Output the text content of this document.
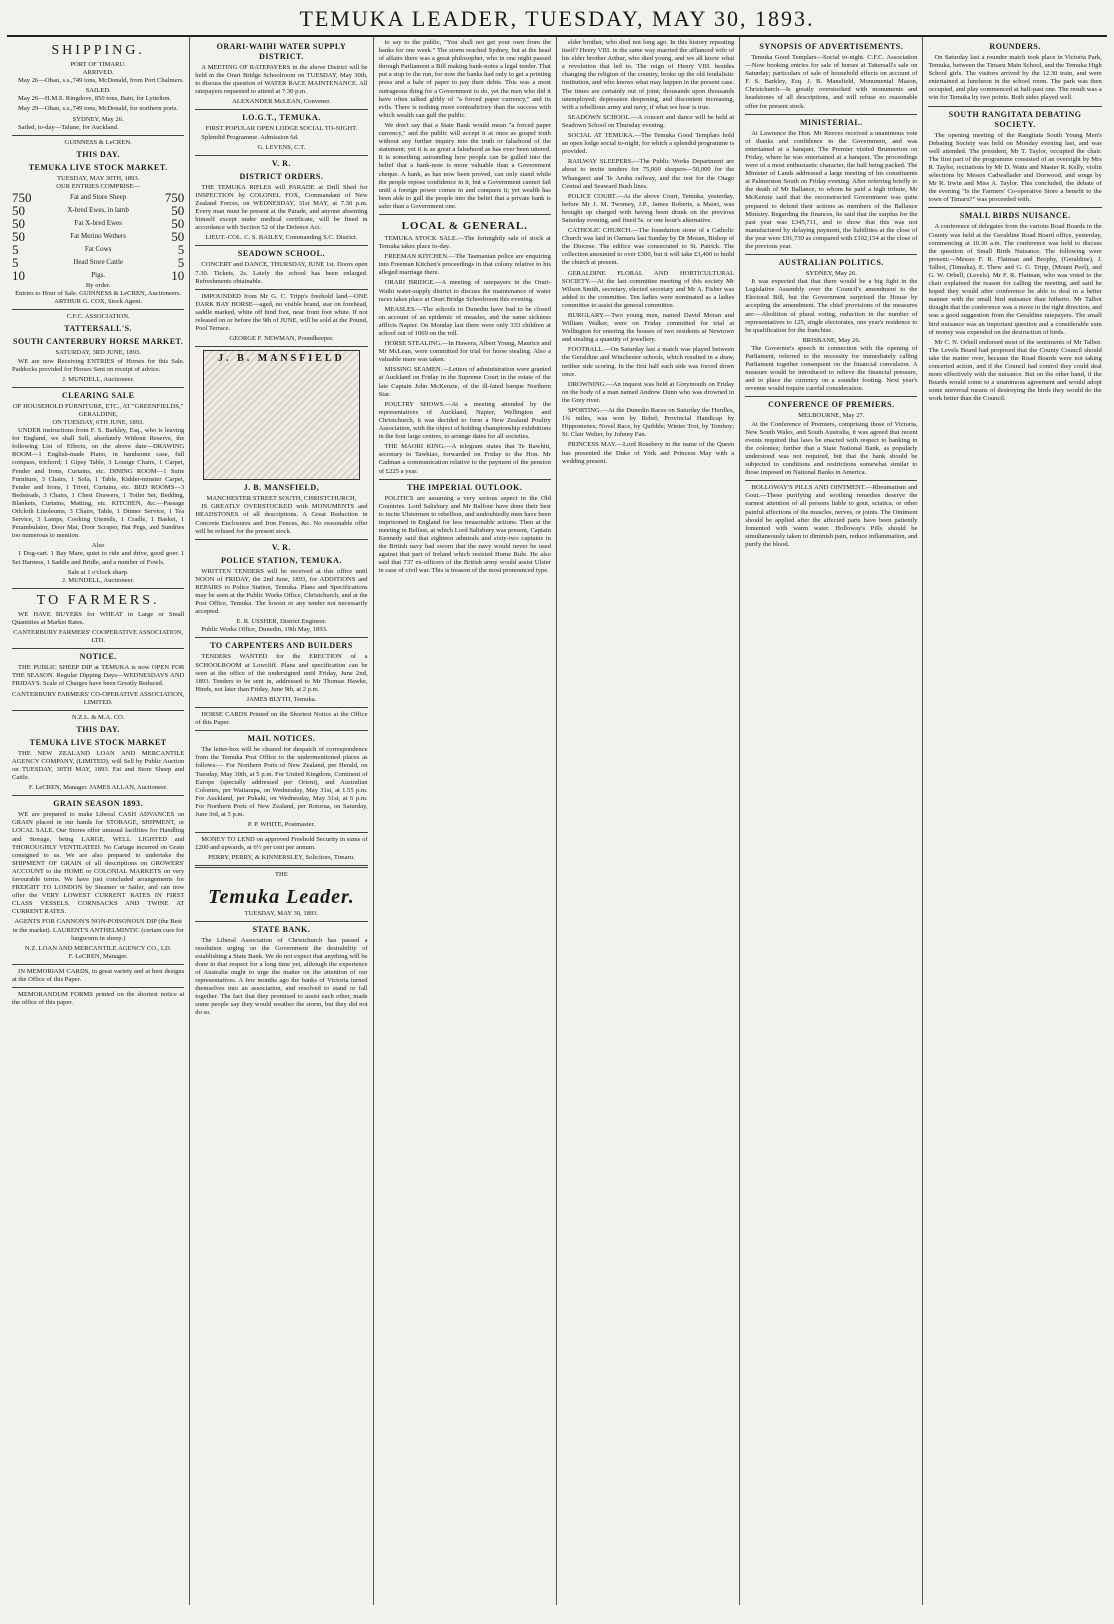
TEMUKA LEADER, TUESDAY, MAY 30, 1893.
SHIPPING.
PORT OF TIMARU.
ARRIVED.

May 26—Ohau, s.s.,749 tons, McDonald, from Port Chalmers.

SAILED.

May 26—H.M.S. Ringdove, 850 tons, Bain, for Lyttelton.

May 29—Ohau, s.s.,749 tons, McDonald, for northern ports.

SYDNEY, May 26.

Sailed, to-day—Talune, for Auckland.

GUINNESS & LeCREN.
THIS DAY.
TEMUKA LIVE STOCK MARKET.
TUESDAY, MAY 30TH, 1893.
OUR ENTRIES COMPRISE—
750	Fat and Store Sheep	750
50	X-bred Ewes, in lamb	50
50	Fat X-bred Ewes	50
50	Fat Merino Wethers	50
5	Fat Cows	5
5	Head Store Cattle	5
10	Pigs.	10
By order.

Entries to Hour of Sale. GUINNESS & LeCREN, Auctioneers. ARTHUR G. COX, Stock Agent.

C.F.C. ASSOCIATION.
TATTERSALL'S.
SOUTH CANTERBURY HORSE MARKET.
SATURDAY, 3RD JUNE, 1893.

WE are now Receiving ENTRIES of Horses for this Sale. Paddocks provided for Horses Sent on receipt of advice.

J. MUNDELL, Auctioneer.
CLEARING SALE
OF HOUSEHOLD FURNITURE, ETC., AT "GREENFIELDS," GERALDINE,
ON TUESDAY, 6TH JUNE, 1893.

UNDER instructions from F. S. Barkley, Esq., who is leaving for England, we shall Sell, absolutely Without Reserve, the following List of Effects, on the above date—DRAWING ROOM—1 English-made Piano, in handsome case, full compass, trichord; 1 Gipsy Table, 3 Lounge Chairs, 1 Carpet, Fender and Irons, Curtains, etc. DINING ROOM—1 Suite Furniture, 3 Chairs, 1 Sofa, 1 Table, Kidder-minster Carpet, Fender and Irons, 1 Trivet, Curtains, etc. BED ROOMS—3 Bedsteads, 3 Chairs, 1 Chest Drawers, 1 Toilet Set, Bedding, Blankets, Curtains, Matting, etc. KITCHEN, &c.—Passage Oilcloth Linoleums, 3 Chairs, Table, 1 Dinner Service, 1 Tea Service, 3 Lamps, Cooking Utensils, 1 Cradle, 1 Basket, 1 Perambulator, Door Mat, Door Scraper, Hat Pegs, and Sundries too numerous to mention.

Also

1 Dog-cart. 1 Bay Mare, quiet to ride and drive, good goer. 1 Set Harness, 1 Saddle and Bridle, and a number of Fowls.

Sale at 1 o'clock sharp.
J. MUNDELL, Auctioneer.
TO FARMERS.

WE HAVE BUYERS for WHEAT in Large or Small Quantities at Market Rates.

CANTERBURY FARMERS' COOPERATIVE ASSOCIATION, LTD.
NOTICE.

THE PUBLIC SHEEP DIP at TEMUKA is now OPEN FOR THE SEASON. Regular Dipping Days—WEDNESDAYS AND FRIDAYS. Scale of Charges have been Greatly Reduced.

CANTERBURY FARMERS' CO-OPERATIVE ASSOCIATION, LIMITED.
N.Z.L. & M.A. CO.
THIS DAY.
TEMUKA LIVE STOCK MARKET

THE NEW ZEALAND LOAN AND MERCANTILE AGENCY COMPANY, (LIMITED), will Sell by Public Auction on TUESDAY, 30TH MAY, 1893. Fat and Store Sheep and Cattle.

F. LeCREN, Manager. JAMES ALLAN, Auctioneer.
GRAIN SEASON 1893.

WE are prepared to make Liberal CASH ADVANCES on GRAIN placed in our hands for STORAGE, SHIPMENT, or LOCAL SALE. Our Stores offer unusual facilities for Handling and Storage, being LARGE, WELL LIGHTED and THOROUGHLY VENTILATED. No Cartage incurred on Grain consigned to us. We are also prepared to undertake the SHIPMENT OF GRAIN of all descriptions on GROWERS' ACCOUNT to the HOME or COLONIAL MARKETS on very favourable terms. We have just concluded arrangements for FREIGHT TO LONDON by Steamer or Sailer, and can now offer the VERY LOWEST CURRENT RATES IN FIRST CLASS VESSELS. CORNSACKS AND TWINE AT CURRENT RATES.

AGENTS FOR CANNON'S NON-POISONOUS DIP (the Best in the market). LAURENT'S ANTHELMINTIC (certain cure for lungworm in sheep.)

N.Z. LOAN AND MERCANTILE AGENCY CO., LD.
F. LeCREN, Manager.

IN MEMORIAM CARDS, in great variety and at best designs at the Office of this Paper.

MEMORANDUM FORMS printed on the shortest notice at the office of this paper.

ORARI-WAIHI WATER SUPPLY DISTRICT.

A MEETING OF RATEPAYERS in the above District will be held in the Orari Bridge Schoolroom on TUESDAY, May 30th, to discuss the question of WATER RACE MAINTENANCE. All ratepayers requested to attend at 7.30 p.m.

ALEXANDER McLEAN, Convener.
I.O.G.T., TEMUKA.
FIRST POPULAR OPEN LODGE SOCIAL TO-NIGHT.

Splendid Programme. Admission 6d.

G. LEVENS, C.T.
V. R.
DISTRICT ORDERS.

THE TEMUKA RIFLES will PARADE at Drill Shed for INSPECTION by COLONEL FOX, Commandant of New Zealand Forces, on WEDNESDAY, 31st MAY, at 7.30 p.m. Every man must be present at the Parade, and anyone absenting himself except under medical certificate, will be fined in accordance with Section 52 of the Defence Act.

LIEUT.-COL. C. S. BAILEY, Commanding S.C. District.
SEADOWN SCHOOL.

CONCERT and DANCE, THURSDAY, JUNE 1st. Doors open 7.30. Tickets, 2s. Lately the school has been enlarged. Refreshments obtainable.

IMPOUNDED from Mr G. C. Tripp's freehold land—ONE DARK BAY HORSE—aged, no visible brand, star on forehead, saddle marked, white off hind foot, near front foot white. If not released on or before the 9th of JUNE, will be sold at the Pound, Pool Terrace.

GEORGE F. NEWMAN, Poundkeeper.
J. B. MANSFIELD
J. B. MANSFIELD,
MANCHESTER STREET SOUTH, CHRISTCHURCH,

IS GREATLY OVERSTOCKED with MONUMENTS and HEADSTONES of all descriptions. A Great Reduction in Concrete Enclosures and Iron Fences, &c. No reasonable offer will be refused for the present stock.

V. R.
POLICE STATION, TEMUKA.

WRITTEN TENDERS will be received at this office until NOON of FRIDAY, the 2nd June, 1893, for ADDITIONS and REPAIRS to Police Station, Temuka. Plans and Specifications may be seen at the Public Works Office, Christchurch, and at the Post Office, Temuka. The lowest or any tender not necessarily accepted.

E. R. USSHER, District Engineer.

Public Works Office, Dunedin, 19th May, 1893.

TO CARPENTERS AND BUILDERS

TENDERS WANTED for the ERECTION of a SCHOOLROOM at Lowcliff. Plans and specification can be seen at the office of the undersigned until Friday, June 2nd, 1893. Tenders to be sent in, addressed to Mr Thomas Hawke, Hinds, not later than Friday, June 9th, at 2 p.m.

JAMES BLYTH, Temuka.

HORSE CARDS Printed on the Shortest Notice at the Office of this Paper.

MAIL NOTICES.

The letter-box will be cleared for despatch of correspondence from the Temuka Post Office to the undermentioned places as follows:— For Northern Ports of New Zealand, per Herald, on Tuesday, May 30th, at 5 p.m. For United Kingdom, Continent of Europe (specially addressed per Orient), and Australian Colonies, per Waitarapa, on Wednesday, May 31st, at 1.55 p.m. For Auckland, per Pukaki, on Wednesday, May 31st, at 6 p.m. For Northern Ports of New Zealand, per Rotorua, on Saturday, June 3rd, at 5 p.m.

P. P. WHITE, Postmaster.

MONEY TO LEND on approved Freehold Security in sums of £200 and upwards, at 6½ per cent per annum.

PERRY, PERRY, & KINNERSLEY, Solicitors, Timaru.
THE
Temuka Leader.
TUESDAY, MAY 30, 1893.
STATE BANK.

The Liberal Association of Christchurch has passed a resolution urging on the Government the desirability of establishing a State Bank. We do not expect that anything will be done in that respect for a long time yet, although the experience of Australia ought to urge the matter on the attention of our representatives. A few months ago the banks of Victoria turned themselves into an association, and resolved to stand or fall together. The fact that they promised to assist each other, made some people say they would weather the storm, but they did not do so.

to say to the public, "You shall not get your own from the banks for one week." The storm reached Sydney, but at the head of affairs there was a great philosopher, who in one night passed through Parliament a Bill making bank-notes a legal tender. That put a stop to the run, for now the banks had only to get a printing press and a bale of paper to pay their debts. This was a most outrageous thing for a Government to do, yet the men who did it have often talked glibly of "a forced paper currency," and its evils. There is nothing more contradictory than the success with which wealth can gull the public.

We don't say that a State Bank would mean "a forced paper currency," and the public will accept it at once as gospel truth without any further inquiry into the truth or falsehood of the statement; yet it is as great a falsehood as has ever been uttered. It is something astounding how people can be gulled into the belief that a bank-note is more valuable than a Government cheque. A bank, as has now been proved, can only stand while the people repose confidence in it, but a Government cannot fail until a foreign power comes in and conquers it; yet wealth has been able to gull the people into the belief that a private bank is safer than a Government one.

LOCAL & GENERAL.

TEMUKA STOCK SALE.—The fortnightly sale of stock at Temuka takes place to-day.

FREEMAN KITCHEN.—The Tasmanian police are enquiring into Freeman Kitchen's proceedings in that colony relative to his alleged marriage there.

ORARI BRIDGE.—A meeting of ratepayers in the Orari-Waihi water-supply district to discuss the maintenance of water races takes place at Orari Bridge Schoolroom this evening.

MEASLES.—The schools in Dunedin have had to be closed on account of an epidemic of measles, and the same sickness afflicts Napier. On Monday last there were only 333 children at school out of 1069 on the roll.

HORSE STEALING.—In Hawera, Albert Young, Maurice and Mr McLean, were committed for trial for horse stealing. Also a valuable mare was taken.

MISSING SEAMEN.—Letters of administration were granted at Auckland on Friday in the Supreme Court in the estate of the late Captain John McKenzie, of the ill-fated barque Northern Star.

POULTRY SHOWS.—At a meeting attended by the representatives of Auckland, Napier, Wellington and Christchurch, it was decided to form a New Zealand Poultry Association, with the object of holding championship exhibitions in the four large centres, to arrange dates for all societies.

THE MAORI KING.—A telegram states that Te Rawhiti, secretary to Tawhiao, forwarded on Friday to the Hon. Mr Cadman a communication relative to the payment of the pension of £225 a year.

THE IMPERIAL OUTLOOK.

POLITICS are assuming a very serious aspect in the Old Countries. Lord Salisbury and Mr Balfour have done their best to incite Ulstermen to rebellion, and undoubtedly men have been imprisoned in England for less treasonable actions. Then at the meeting in Belfast, at which Lord Salisbury was present, Captain Kennedy said that eighteen admirals and sixty-two captains in the British navy had sworn that the navy would never be used against that part of Ireland which resisted Home Rule. He also said that 737 ex-officers of the British army would assist Ulster in case of civil war. This is treason of the most pronounced type.

elder brother, who died not long ago. In this history repeating itself? Henry VIII. in the same way married the affianced wife of his elder brother Arthur, who died young, and we all know what a revolution that led to. The reign of Henry VIII. besides changing the religion of the country, broke up the old feudalistic institution, and who knows what may happen in the present case. The times are certainly out of joint; thousands upon thousands unemployed; depression deepening, and discontent increasing, with a rebellious army and navy, if what we hear is true.

SEADOWN SCHOOL.—A concert and dance will be held at Seadown School on Thursday evening.

SOCIAL AT TEMUKA.—The Temuka Good Templars hold an open lodge social to-night, for which a splendid programme is provided.

RAILWAY SLEEPERS.—The Public Works Department are about to invite tenders for 75,000 sleepers—50,000 for the Whangarei and Te Aroha railway, and the rest for the Otago Central and Seaward Bush lines.

POLICE COURT.—At the above Court, Temuka, yesterday, before Mr J. M. Twomey, J.P., James Roberts, a Maori, was brought up charged with having been drunk on the previous Saturday evening, and fined 5s. or one hour's alternative.

CATHOLIC CHURCH.—The foundation stone of a Catholic Church was laid in Oamaru last Sunday by Dr Moran, Bishop of the Diocese. The edifice was consecrated to St. Patrick. The collection amounted to over £300, but it will take £3,400 to build the church at present.

GERALDINE FLORAL AND HORTICULTURAL SOCIETY.—At the last committee meeting of this society Mr Wilson Smith, secretary, elected secretary and Mr A. Fisher was added to the committee. Ten ladies were nominated as a ladies committee to assist the general committee.

BURGLARY.—Two young men, named David Moran and William Walker, were on Friday committed for trial at Wellington for entering the houses of two residents at Newtown and stealing a quantity of jewellery.

FOOTBALL.—On Saturday last a match was played between the Geraldine and Winchester schools, which resulted in a draw, neither side scoring. In the first half each side was forced down once.

DROWNING.—An inquest was held at Greymouth on Friday on the body of a man named Andrew Dunn who was drowned in the Grey river.

SPORTING.—At the Dunedin Races on Saturday the Hurdles, 1¾ miles, was won by Rebel; Provincial Handicap by Hippomenes; Novel Race, by Quibble; Winter Trot, by Tomboy; St. Clair Welter, by Johnny Fan.

PRINCESS MAY.—Lord Rosebery in the name of the Queen has presented the Duke of York and Princess May with a wedding present.

SYNOPSIS OF ADVERTISEMENTS.

Temuka Good Templars—Social to-night. C.F.C. Association—Now booking entries for sale of horses at Tattersall's sale on Saturday; particulars of sale of household effects on account of F. S. Barkley, Esq. J. B. Mansfield, Monumental Mason, Christchurch—Is greatly overstocked with monuments and headstones of all descriptions, and will refuse no reasonable offer for present stock.

MINISTERIAL.

At Lawrence the Hon. Mr Reeves received a unanimous vote of thanks and confidence in the Government, and was entertained at a banquet. The Premier visited Brunnerton on Friday, where he was entertained at a banquet. The proceedings were of a most enthusiastic character, the hall being packed. The Minister of Lands addressed a large meeting of his constituents at Palmerston South on Friday evening. After referring briefly to the death of Mr Ballance, to whom he paid a high tribute, Mr McKenzie said that the reconstructed Government was quite prepared to defend their actions as members of the Ballance Ministry. Regarding the finances, he said that the surplus for the past year was £345,711, and to show that this was not manufactured by delaying payment, the liabilities at the close of the year were £91,739 as compared with £102,154 at the close of the previous year.

AUSTRALIAN POLITICS.
SYDNEY, May 26.

It was expected that that there would be a big fight in the Legislative Assembly over the Council's amendment to the Electoral Bill, but the Government surprised the House by accepting the amendment. The chief provisions of the measures are:—Abolition of plural voting, reduction in the number of representatives to 125, single electorates, one year's residence to be qualification for the franchise.

BRISBANE, May 26.

The Governor's speech in connection with the opening of Parliament, referred to the necessity for immediately calling Parliament together consequent on the financial convulsion. A measure would be introduced to relieve the financial pressure, and to place the currency on a sounder footing. Next year's revenue would require careful consideration.

CONFERENCE OF PREMIERS.
MELBOURNE, May 27.

At the Conference of Premiers, comprising those of Victoria, New South Wales, and South Australia, it was agreed that recent events required that laws be enacted with respect to banking in the colonies; further that a State National Bank, as popularly understood was not required, but that the bank should be subjected to conditions and restrictions somewhat similar to those imposed on National Banks in America.

HOLLOWAY'S PILLS AND OINTMENT.—Rheumatism and Gout.—These purifying and soothing remedies deserve the earnest attention of all persons liable to gout, sciatica, or other painful affections of the muscles, nerves, or joints. The Ointment should be applied after the affected parts have been patiently fomented with warm water. Holloway's Pills should be simultaneously taken to diminish pain, reduce inflammation, and purify the blood.

ROUNDERS.

On Saturday last a rounder match took place in Victoria Park, Temuka, between the Timaru Main School, and the Temuka High School girls. The visitors arrived by the 12.30 train, and were entertained at luncheon in the school room. The park was then occupied, and play commenced at half-past one. The result was a win for Temuka by two points. Both sides played well.

SOUTH RANGITATA DEBATING SOCIETY.

The opening meeting of the Rangitata South Young Men's Debating Society was held on Monday evening last, and was well attended. The president, Mr T. Taylor, occupied the chair. The first part of the programme consisted of an oversight by Mrs R. Taylor, recitations by Mr D. Watts and Master R. Kelly, violin selections by Messrs Cadwallader and Dorwood, and songs by Mr R. Irwin and Miss A. Taylor. This concluded, the debate of the evening "Is the Farmers' Co-operative Store a benefit to the town of Timaru?" was proceeded with.

SMALL BIRDS NUISANCE.

A conference of delegates from the various Road Boards in the County was held at the Geraldine Road Board office, yesterday, commencing at 10.30 a.m. The conference was held to discuss the question of Small Birds Nuisance. The following were present:—Messrs F. R. Flatman and Brophy, (Geraldine), J. Talbot, (Temuka), E. Thew and G. G. Tripp, (Mount Peel), and G. W. Orbell, (Levels). Mr F. R. Flatman, who was voted to the chair explained the reason for calling the meeting, and said he hoped they would after conference be able to deal in a better manner with the small bird nuisance than hitherto. Mr Talbot thought that the conference was a move in the right direction, and was a good suggestion from the Geraldine ratepayers. The small bird nuisance was an important question and a considerable sum of money was expended on the destruction of birds.

Mr C. N. Orbell endorsed most of the sentiments of Mr Talbot. The Levels Board had proposed that the County Council should take the matter over, because the Road Boards were not taking concerted action, and if the Council had control they could deal more effectively with the nuisance. But on the other hand, if the Boards would come to a unanimous agreement and would adopt some universal means of destroying the birds they would do the work better than the Council.
